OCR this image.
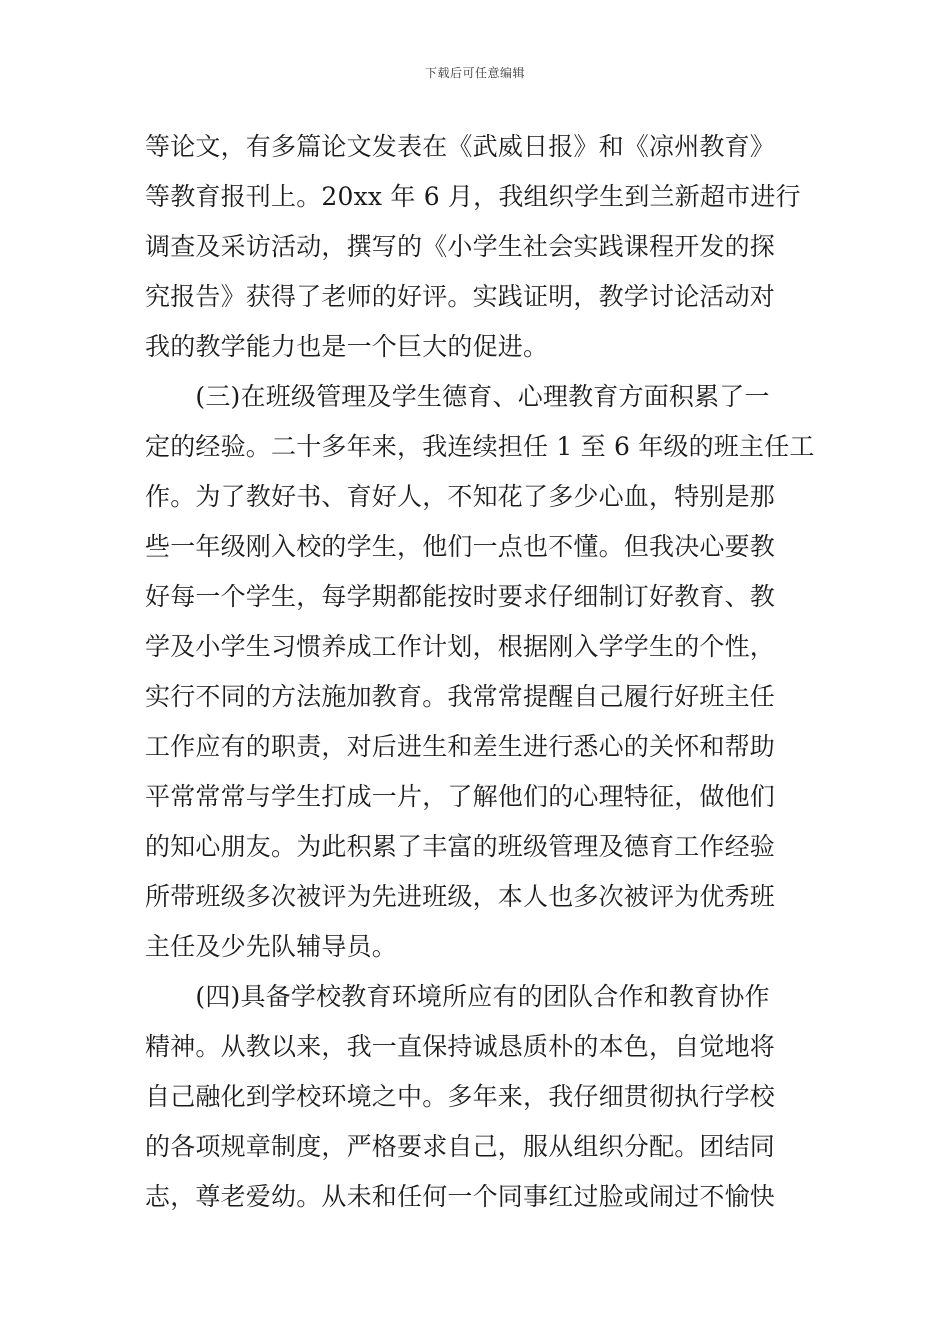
下载后可任意编辑
等论文，有多篇论文发表在《武威日报》和《凉州教育》
等教育报刊上。20xx 年 6 月，我组织学生到兰新超市进行
调查及采访活动，撰写的《小学生社会实践课程开发的探
究报告》获得了老师的好评。实践证明，教学讨论活动对
我的教学能力也是一个巨大的促进。
　　(三)在班级管理及学生德育、心理教育方面积累了一
定的经验。二十多年来，我连续担任 1 至 6 年级的班主任工
作。为了教好书、育好人，不知花了多少心血，特别是那
些一年级刚入校的学生，他们一点也不懂。但我决心要教
好每一个学生，每学期都能按时要求仔细制订好教育、教
学及小学生习惯养成工作计划，根据刚入学学生的个性，
实行不同的方法施加教育。我常常提醒自己履行好班主任
工作应有的职责，对后进生和差生进行悉心的关怀和帮助
平常常常与学生打成一片，了解他们的心理特征，做他们
的知心朋友。为此积累了丰富的班级管理及德育工作经验
所带班级多次被评为先进班级，本人也多次被评为优秀班
主任及少先队辅导员。
　　(四)具备学校教育环境所应有的团队合作和教育协作
精神。从教以来，我一直保持诚恳质朴的本色，自觉地将
自己融化到学校环境之中。多年来，我仔细贯彻执行学校
的各项规章制度，严格要求自己，服从组织分配。团结同
志，尊老爱幼。从未和任何一个同事红过脸或闹过不愉快
